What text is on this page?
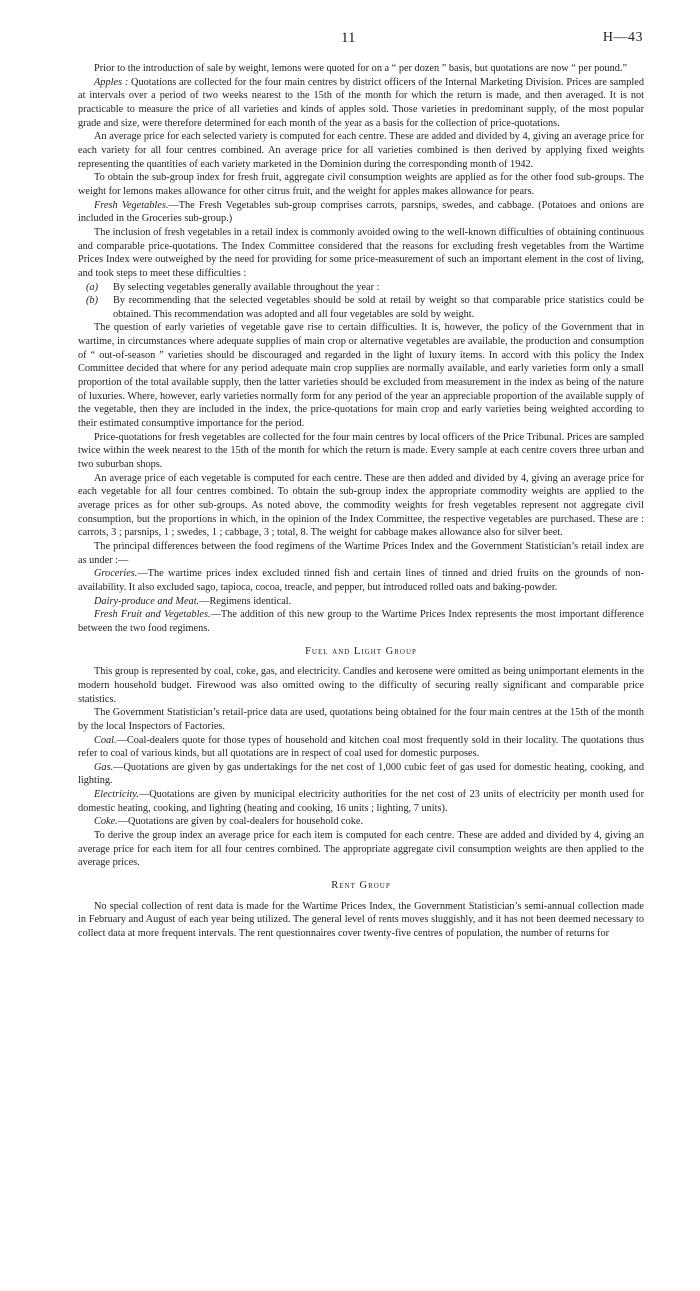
11	H—43

Prior to the introduction of sale by weight, lemons were quoted for on a “ per dozen ” basis, but quotations are now “ per pound.”

Apples : Quotations are collected for the four main centres by district officers of the Internal Marketing Division. Prices are sampled at intervals over a period of two weeks nearest to the 15th of the month for which the return is made, and then averaged. It is not practicable to measure the price of all varieties and kinds of apples sold. Those varieties in predominant supply, of the most popular grade and size, were therefore determined for each month of the year as a basis for the collection of price-quotations.

An average price for each selected variety is computed for each centre. These are added and divided by 4, giving an average price for each variety for all four centres combined. An average price for all varieties combined is then derived by applying fixed weights representing the quantities of each variety marketed in the Dominion during the corresponding month of 1942.

To obtain the sub-group index for fresh fruit, aggregate civil consumption weights are applied as for the other food sub-groups. The weight for lemons makes allowance for other citrus fruit, and the weight for apples makes allowance for pears.

Fresh Vegetables.—The Fresh Vegetables sub-group comprises carrots, parsnips, swedes, and cabbage. (Potatoes and onions are included in the Groceries sub-group.)

The inclusion of fresh vegetables in a retail index is commonly avoided owing to the well-known difficulties of obtaining continuous and comparable price-quotations. The Index Committee considered that the reasons for excluding fresh vegetables from the Wartime Prices Index were outweighed by the need for providing for some price-measurement of such an important element in the cost of living, and took steps to meet these difficulties :

(a) By selecting vegetables generally available throughout the year :

(b) By recommending that the selected vegetables should be sold at retail by weight so that comparable price statistics could be obtained. This recommendation was adopted and all four vegetables are sold by weight.

The question of early varieties of vegetable gave rise to certain difficulties. It is, however, the policy of the Government that in wartime, in circumstances where adequate supplies of main crop or alternative vegetables are available, the production and consumption of “ out-of-season ” varieties should be discouraged and regarded in the light of luxury items. In accord with this policy the Index Committee decided that where for any period adequate main crop supplies are normally available, and early varieties form only a small proportion of the total available supply, then the latter varieties should be excluded from measurement in the index as being of the nature of luxuries. Where, however, early varieties normally form for any period of the year an appreciable proportion of the available supply of the vegetable, then they are included in the index, the price-quotations for main crop and early varieties being weighted according to their estimated consumptive importance for the period.

Price-quotations for fresh vegetables are collected for the four main centres by local officers of the Price Tribunal. Prices are sampled twice within the week nearest to the 15th of the month for which the return is made. Every sample at each centre covers three urban and two suburban shops.

An average price of each vegetable is computed for each centre. These are then added and divided by 4, giving an average price for each vegetable for all four centres combined. To obtain the sub-group index the appropriate commodity weights are applied to the average prices as for other sub-groups. As noted above, the commodity weights for fresh vegetables represent not aggregate civil consumption, but the proportions in which, in the opinion of the Index Committee, the respective vegetables are purchased. These are : carrots, 3 ; parsnips, 1 ; swedes, 1 ; cabbage, 3 ; total, 8. The weight for cabbage makes allowance also for silver beet.

The principal differences between the food regimens of the Wartime Prices Index and the Government Statistician’s retail index are as under :—

Groceries.—The wartime prices index excluded tinned fish and certain lines of tinned and dried fruits on the grounds of non-availability. It also excluded sago, tapioca, cocoa, treacle, and pepper, but introduced rolled oats and baking-powder.

Dairy-produce and Meat.—Regimens identical.

Fresh Fruit and Vegetables.—The addition of this new group to the Wartime Prices Index represents the most important difference between the two food regimens.

Fuel and Light Group

This group is represented by coal, coke, gas, and electricity. Candles and kerosene were omitted as being unimportant elements in the modern household budget. Firewood was also omitted owing to the difficulty of securing really significant and comparable price statistics.

The Government Statistician’s retail-price data are used, quotations being obtained for the four main centres at the 15th of the month by the local Inspectors of Factories.

Coal.—Coal-dealers quote for those types of household and kitchen coal most frequently sold in their locality. The quotations thus refer to coal of various kinds, but all quotations are in respect of coal used for domestic purposes.

Gas.—Quotations are given by gas undertakings for the net cost of 1,000 cubic feet of gas used for domestic heating, cooking, and lighting.

Electricity.—Quotations are given by municipal electricity authorities for the net cost of 23 units of electricity per month used for domestic heating, cooking, and lighting (heating and cooking, 16 units ; lighting, 7 units).

Coke.—Quotations are given by coal-dealers for household coke.

To derive the group index an average price for each item is computed for each centre. These are added and divided by 4, giving an average price for each item for all four centres combined. The appropriate aggregate civil consumption weights are then applied to the average prices.

Rent Group

No special collection of rent data is made for the Wartime Prices Index, the Government Statistician’s semi-annual collection made in February and August of each year being utilized. The general level of rents moves sluggishly, and it has not been deemed necessary to collect data at more frequent intervals. The rent questionnaires cover twenty-five centres of population, the number of returns for
